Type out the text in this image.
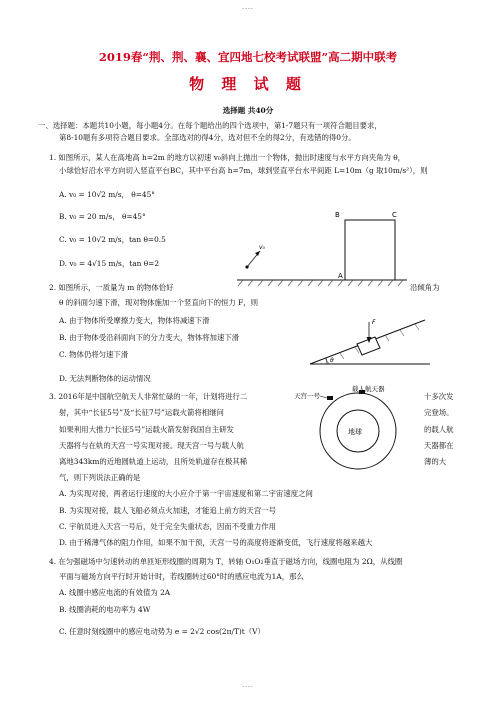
····
2019春“荆、荆、襄、宜四地七校考试联盟”高二期中联考
物 理 试 题
选择题 共40分
一、选择题：本题共10小题，每小题4分。在每个题给出的四个选项中，第1-7题只有一项符合题目要求，
第8-10题有多项符合题目要求。全部选对的得4分，选对但不全的得2分，有选错的得0分。
1. 如图所示，某人在高地高 h=2m 的地方以初速 v₀斜向上抛出一个物体，抛出时速度与水平方向夹角为 θ，
小球恰好沿水平方向切入竖直平台BC，其中平台高 h=7m，球到竖直平台水平间距 L=10m（g 取10m/s²），则
A. v₀ = 10√2 m/s， θ=45°
B. v₀ = 20 m/s， θ=45°
C. v₀ = 10√2 m/s，tan θ=0.5
D. v₀ = 4√15 m/s，tan θ=2
v₀
B	C
A
2. 如图所示，一质量为 m 的物体恰好	沿倾角为
θ 的斜面匀速下滑，现对物体施加一个竖直向下的恒力 F，则
A. 由于物体所受摩擦力变大，物体将减速下滑
B. 由于物体受沿斜面向下的分力变大，物体将加速下滑
C. 物体仍将匀速下滑
D. 无法判断物体的运动情况
F
θ
3. 2016年是中国航空航天人非常忙碌的一年，计划将进行二	十多次发
射，其中“长征5号”及“长征7号”运载火箭将相继问	完登场。
如果利用大推力“长征5号”运载火箭发射我国自主研发	的载人航
天器将与在轨的天宫一号实现对接。现天宫一号与载人航	天器都在
离地343km的近地圆轨道上运动，且所处轨道存在极其稀	薄的大
气，则下列说法正确的是
A. 为实现对接，两者运行速度的大小应介于第一宇宙速度和第二宇宙速度之间
B. 为实现对接，载人飞船必须点火加速，才能追上前方的天宫一号
C. 宇航员进入天宫一号后，处于完全失重状态，因而不受重力作用
D. 由于稀薄气体的阻力作用，如果不加干预，天宫一号的高度将逐渐变低，飞行速度将越来越大
地球
载人航天器
天宫一号
4. 在匀强磁场中匀速转动的单匝矩形线圈的周期为 T，转轴 O₁O₂垂直于磁场方向，线圈电阻为 2Ω，从线圈
平面与磁场方向平行时开始计时，若线圈转过60°时的感应电流为1A，那么
A. 线圈中感应电流的有效值为 2A
B. 线圈消耗的电功率为 4W
C. 任意时刻线圈中的感应电动势为 e = 2√2 cos(2π/T)t（V）
····
